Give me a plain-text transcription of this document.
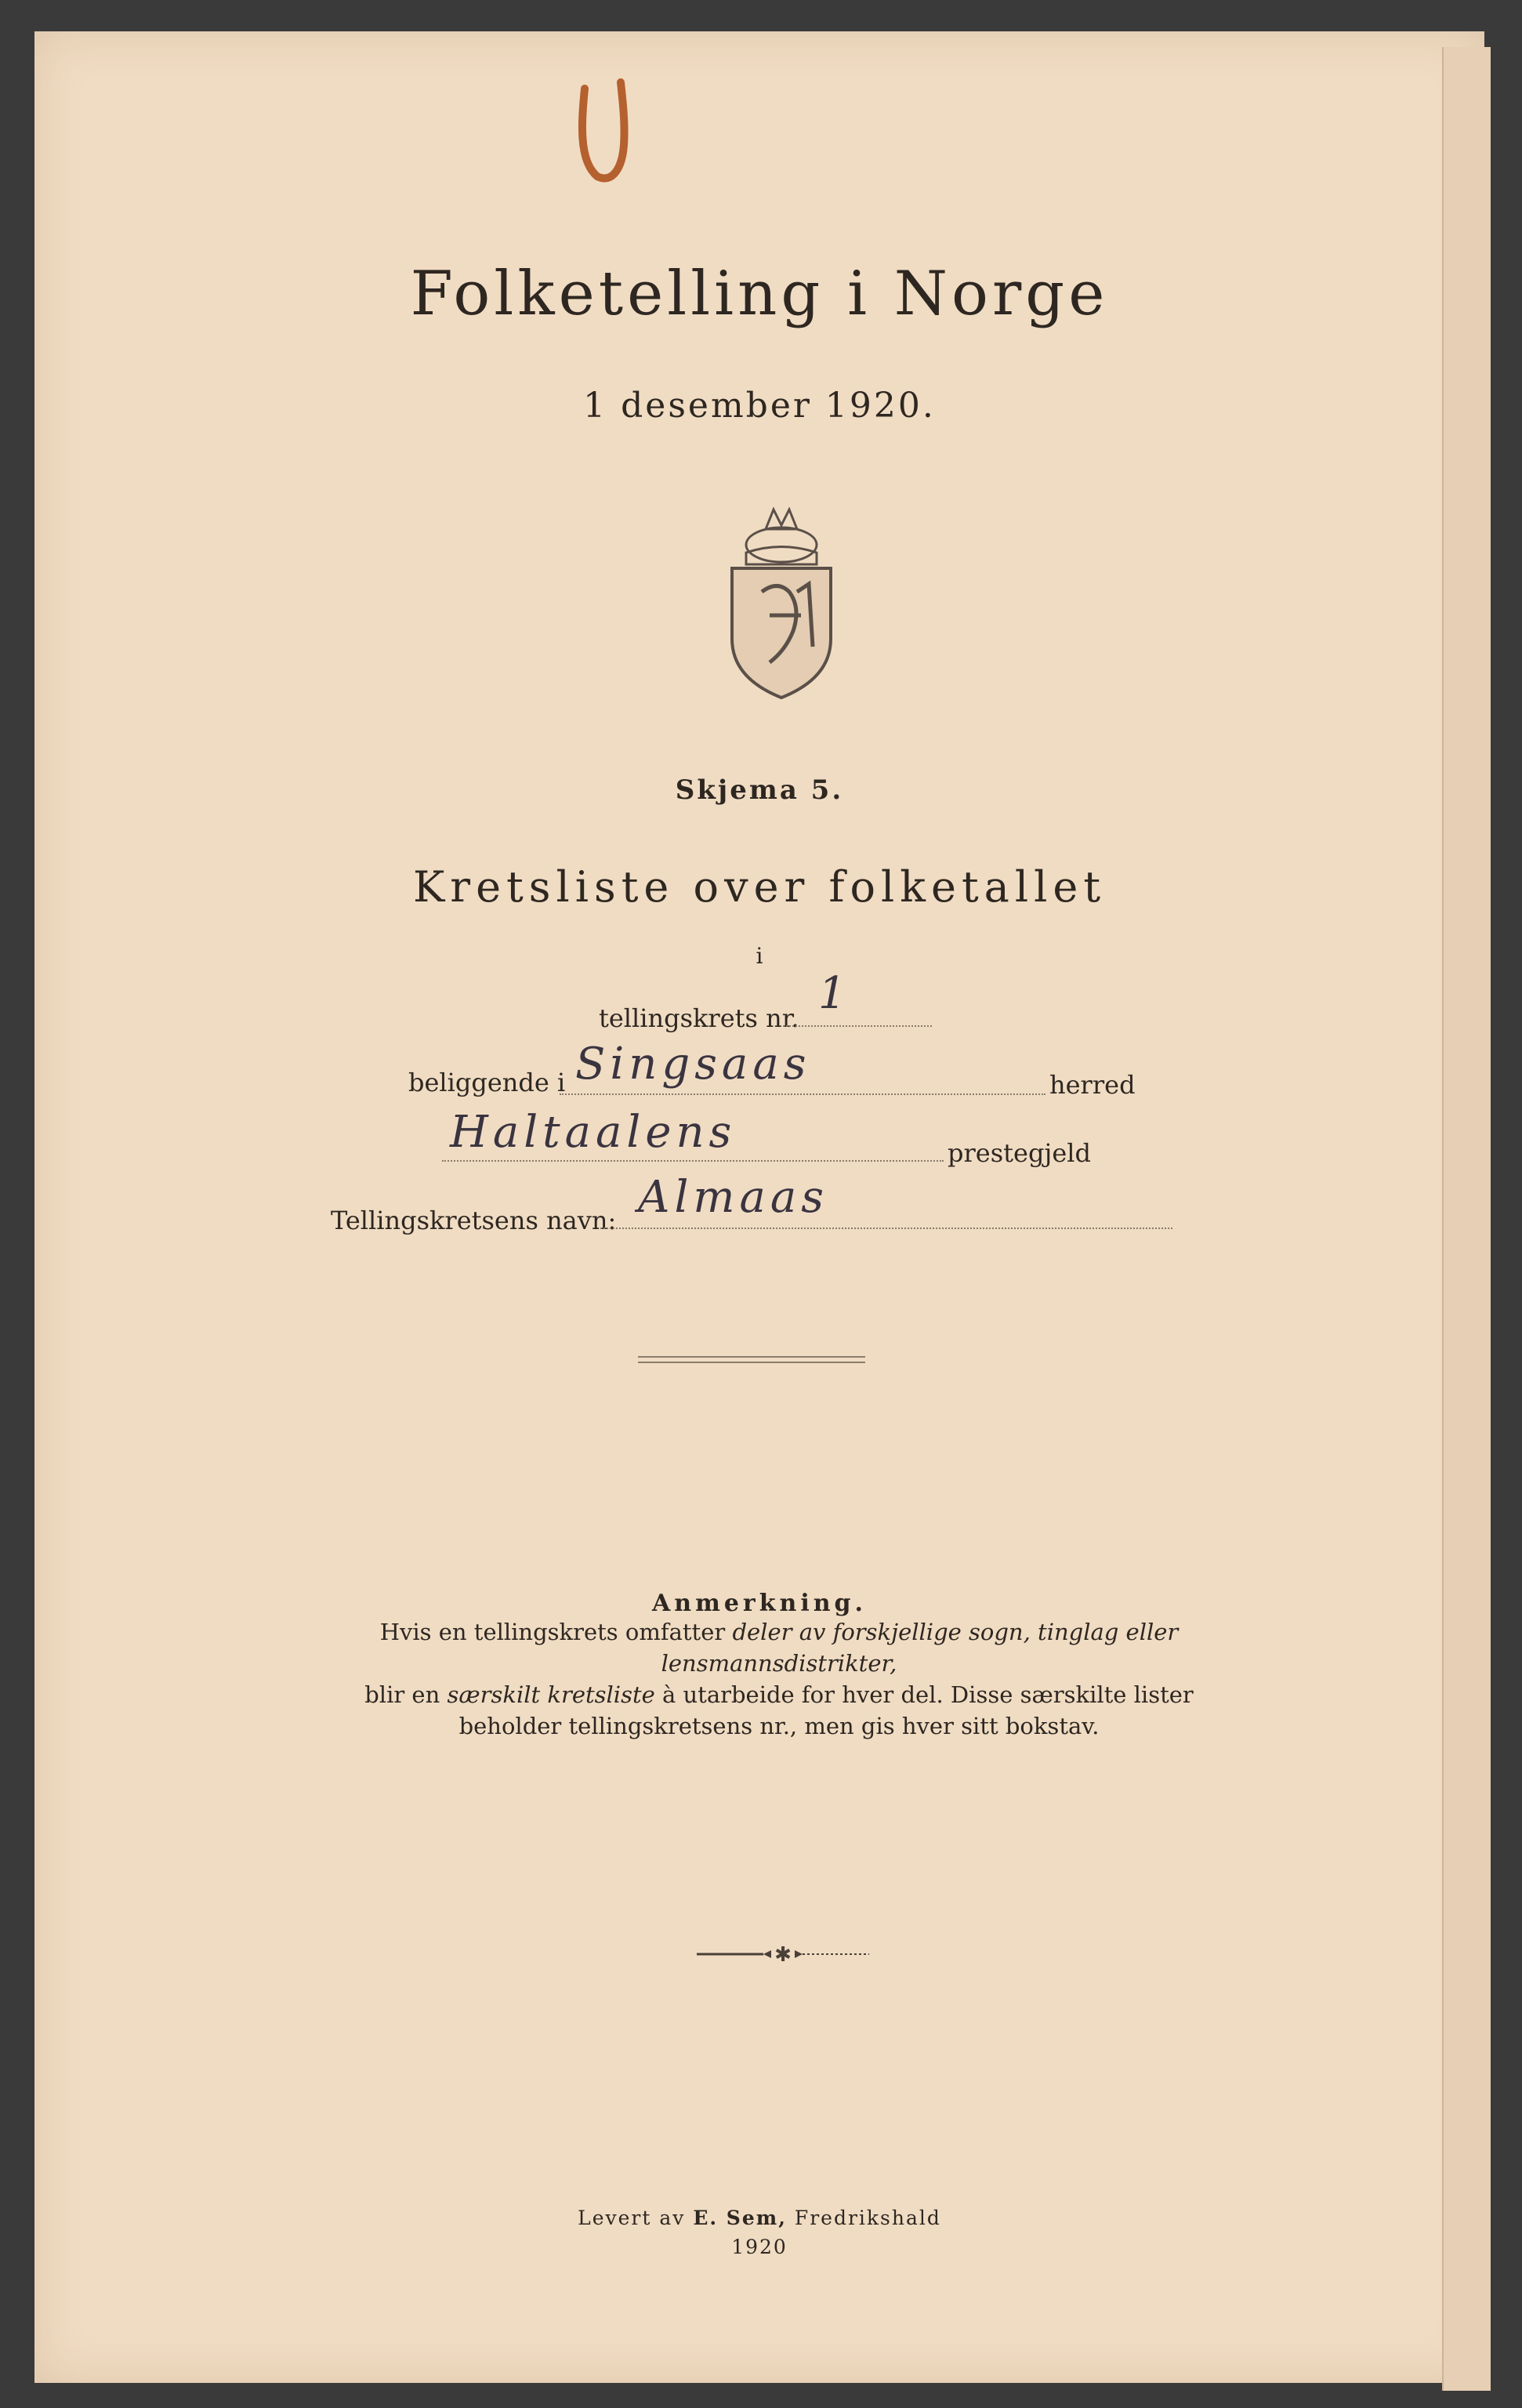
Folketelling i Norge
1 desember 1920.
Skjema 5.
Kretsliste over folketallet
i
tellingskrets nr. 1
beliggende i Singsaas	herred
Haltaalens	prestegjeld
Tellingskretsens navn: Almaas
Anmerkning.
Hvis en tellingskrets omfatter deler av forskjellige sogn, tinglag eller lensmannsdistrikter,
blir en særskilt kretsliste à utarbeide for hver del. Disse særskilte lister
beholder tellingskretsens nr., men gis hver sitt bokstav.
✱
Levert av E. Sem, Fredrikshald
1920
